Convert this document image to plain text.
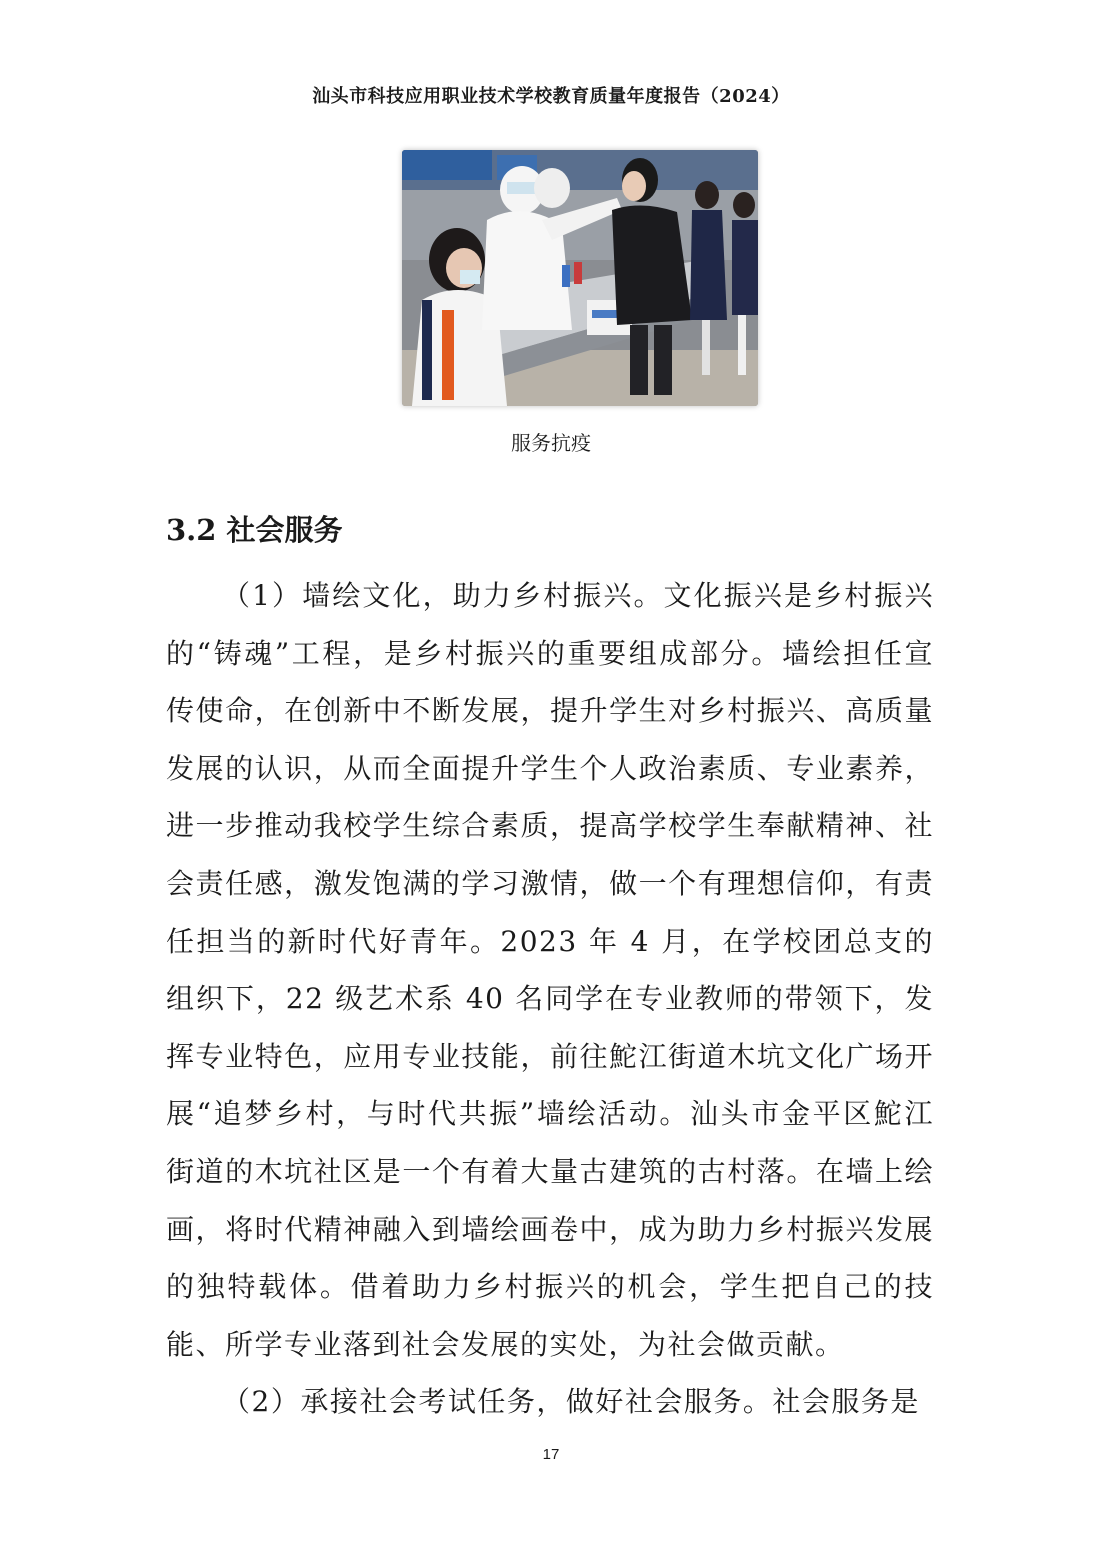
汕头市科技应用职业技术学校教育质量年度报告（2024）
服务抗疫
3.2 社会服务

（1）墙绘文化，助力乡村振兴。文化振兴是乡村振兴的“铸魂”工程，是乡村振兴的重要组成部分。墙绘担任宣传使命，在创新中不断发展，提升学生对乡村振兴、高质量发展的认识，从而全面提升学生个人政治素质、专业素养，进一步推动我校学生综合素质，提高学校学生奉献精神、社会责任感，激发饱满的学习激情，做一个有理想信仰，有责任担当的新时代好青年。2023 年 4 月，在学校团总支的组织下，22 级艺术系 40 名同学在专业教师的带领下，发挥专业特色，应用专业技能，前往鮀江街道木坑文化广场开展“追梦乡村，与时代共振”墙绘活动。汕头市金平区鮀江街道的木坑社区是一个有着大量古建筑的古村落。在墙上绘画，将时代精神融入到墙绘画卷中，成为助力乡村振兴发展的独特载体。借着助力乡村振兴的机会，学生把自己的技能、所学专业落到社会发展的实处，为社会做贡献。

（2）承接社会考试任务，做好社会服务。社会服务是

17
